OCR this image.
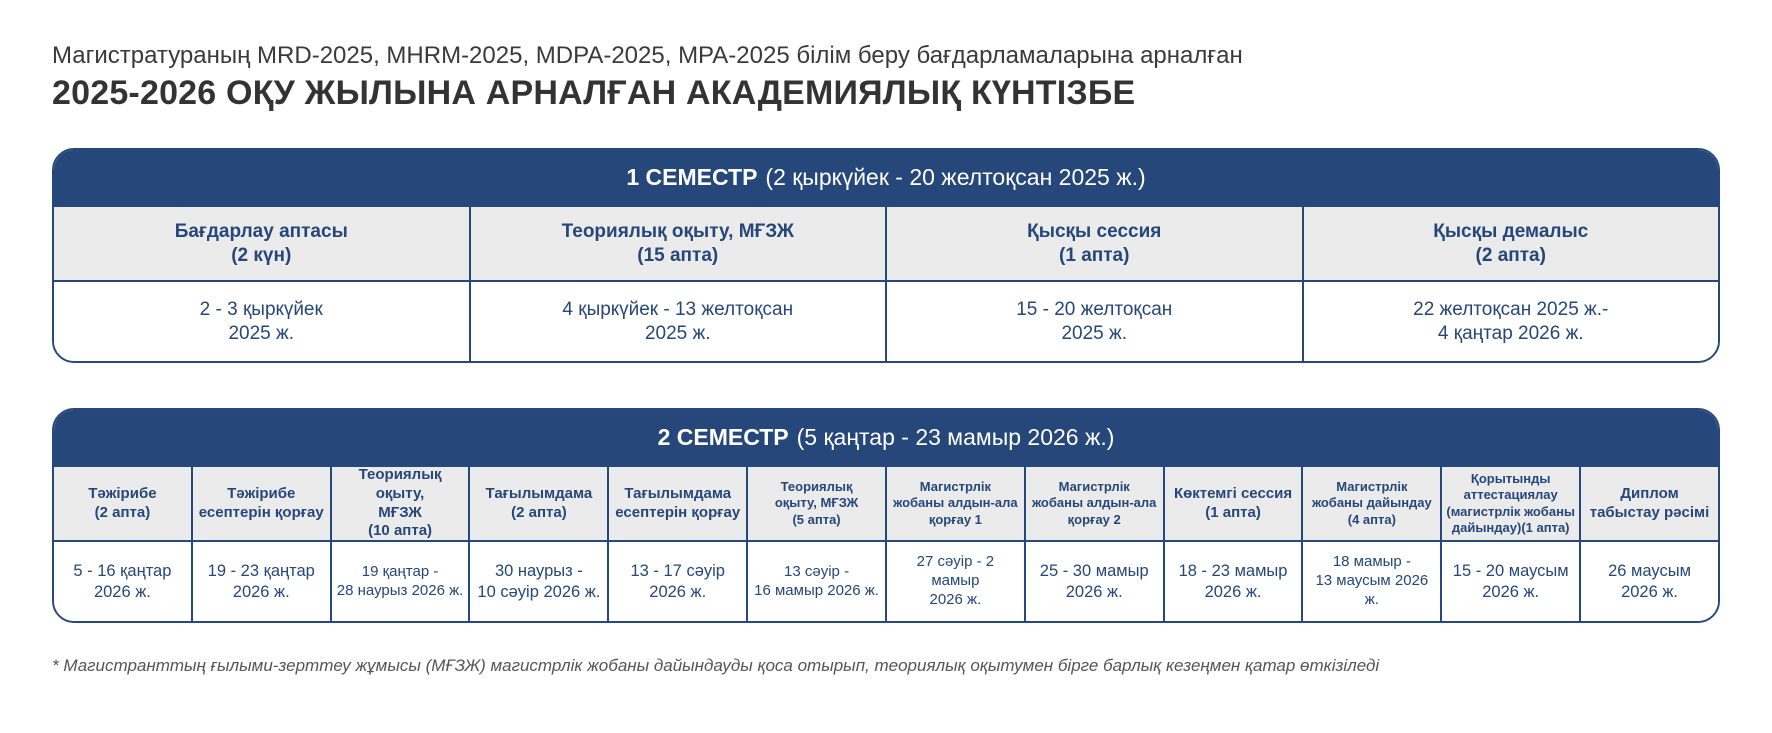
Магистратураның MRD-2025, MHRM-2025, MDPA-2025, MPA-2025 білім беру бағдарламаларына арналған
2025-2026 ОҚУ ЖЫЛЫНА АРНАЛҒАН АКАДЕМИЯЛЫҚ КҮНТІЗБЕ
1 СЕМЕСТР (2 қыркүйек - 20 желтоқсан 2025 ж.)
Бағдарлау аптасы
(2 күн)
Теориялық оқыту, МҒЗЖ
(15 апта)
Қысқы сессия
(1 апта)
Қысқы демалыс
(2 апта)
2 - 3 қыркүйек
2025 ж.
4 қыркүйек - 13 желтоқсан
2025 ж.
15 - 20 желтоқсан
2025 ж.
22 желтоқсан 2025 ж.-
4 қаңтар 2026 ж.
2 СЕМЕСТР (5 қаңтар - 23 мамыр 2026 ж.)
Тәжірибе
(2 апта)
Тәжірибе
есептерін қорғау
Теориялық оқыту,
МҒЗЖ
(10 апта)
Тағылымдама
(2 апта)
Тағылымдама
есептерін қорғау
Теориялық
оқыту, МҒЗЖ
(5 апта)
Магистрлік
жобаны алдын-ала
қорғау 1
Магистрлік
жобаны алдын-ала
қорғау 2
Көктемгі сессия
(1 апта)
Магистрлік
жобаны дайындау
(4 апта)
Қорытынды
аттестациялау
(магистрлік жобаны
дайындау)(1 апта)
Диплом
табыстау рәсімі
5 - 16 қаңтар
2026 ж.
19 - 23 қаңтар
2026 ж.
19 қаңтар -
28 наурыз 2026 ж.
30 наурыз -
10 сәуір 2026 ж.
13 - 17 сәуір
2026 ж.
13 сәуір -
16 мамыр 2026 ж.
27 сәуір - 2 мамыр
2026 ж.
25 - 30 мамыр
2026 ж.
18 - 23 мамыр
2026 ж.
18 мамыр -
13 маусым 2026 ж.
15 - 20 маусым
2026 ж.
26 маусым
2026 ж.
* Магистранттың ғылыми-зерттеу жұмысы (МҒЗЖ) магистрлік жобаны дайындауды қоса отырып, теориялық оқытумен бірге барлық кезеңмен қатар өткізіледі
